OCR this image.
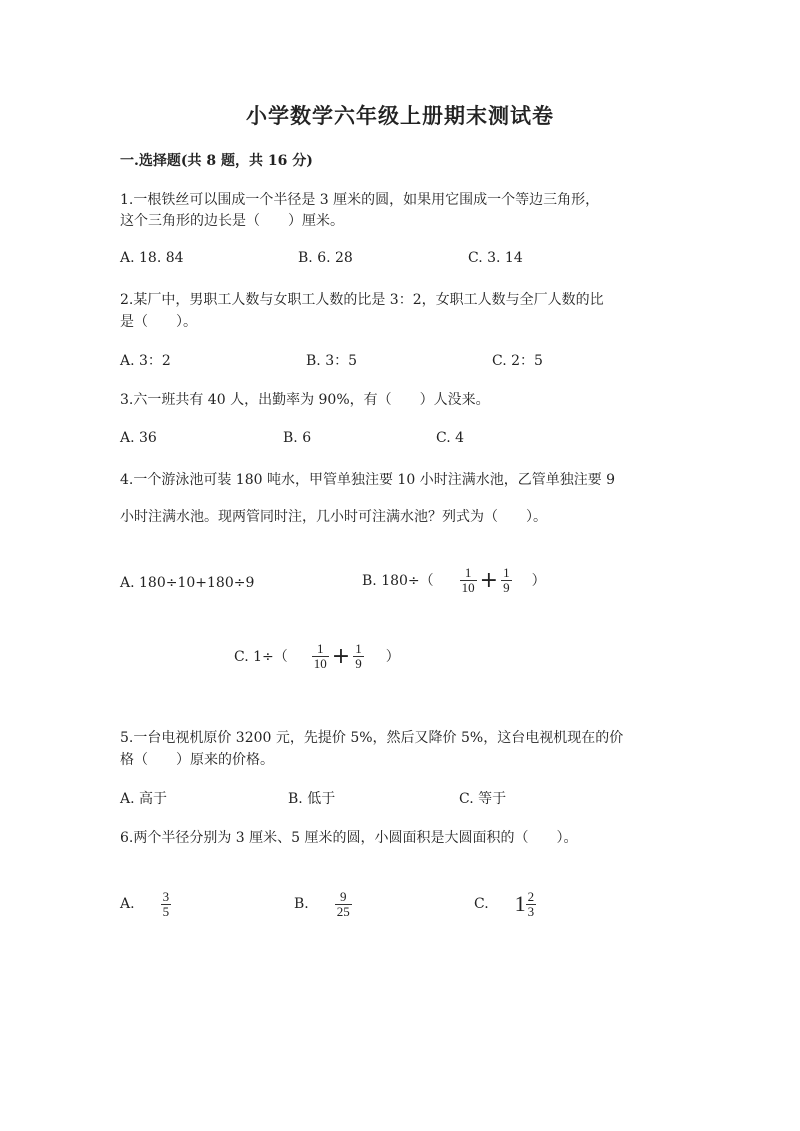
小学数学六年级上册期末测试卷
一.选择题(共 8 题，共 16 分)
1.一根铁丝可以围成一个半径是 3 厘米的圆，如果用它围成一个等边三角形，
这个三角形的边长是（　　）厘米。
A. 18. 84	B. 6. 28	C. 3. 14
2.某厂中，男职工人数与女职工人数的比是 3：2，女职工人数与全厂人数的比
是（　　）。
A. 3：2	B. 3：5	C. 2：5
3.六一班共有 40 人，出勤率为 90%，有（　　）人没来。
A. 36	B. 6	C. 4
4.一个游泳池可装 180 吨水，甲管单独注要 10 小时注满水池，乙管单独注要 9
小时注满水池。现两管同时注，几小时可注满水池？列式为（　　）。
A. 180÷10+180÷9	B. $180\div( \frac{1}{10} + \frac{1}{9}$ ）
C. $1\div( \frac{1}{10} + \frac{1}{9}$ ）
5.一台电视机原价 3200 元，先提价 5%，然后又降价 5%，这台电视机现在的价
格（　　）原来的价格。
A. 高于	B. 低于	C. 等于
6.两个半径分别为 3 厘米、5 厘米的圆，小圆面积是大圆面积的（　　）。
A. $\frac{3}{5}$	B. $\frac{9}{25}$	C. $1 \frac{2}{3}$
